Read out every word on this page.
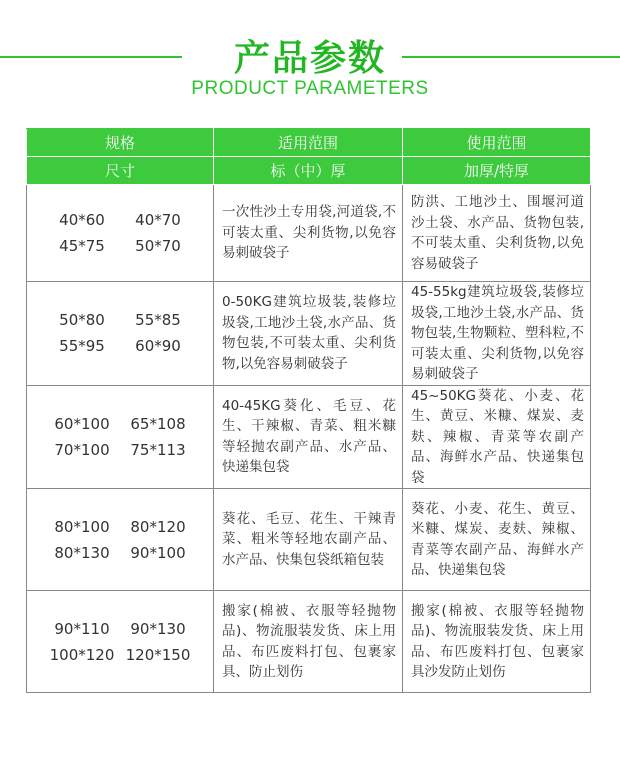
产品参数
PRODUCT PARAMETERS
规格	适用范围	使用范围
尺寸	标（中）厚	加厚/特厚

40*60 40*70
45*75 50*70	一次性沙土专用袋,河道袋,不可装太重、尖利货物,以免容易刺破袋子	防洪、工地沙土、围堰河道沙土袋、水产品、货物包装,不可装太重、尖利货物,以免容易破袋子

50*80 55*85
55*95 60*90	0-50KG建筑垃圾装,装修垃圾袋,工地沙土袋,水产品、货物包装,不可装太重、尖利货物,以免容易刺破袋子	45-55kg建筑垃圾袋,装修垃圾袋,工地沙土袋,水产品、货物包装,生物颗粒、塑科粒,不可装太重、尖利货物,以免容易刺破袋子

60*100 65*108
70*100 75*113	40-45KG葵化、毛豆、花生、干辣椒、青菜、粗米糠等轻抛农副产品、水产品、快递集包袋	45~50KG葵花、小麦、花生、黄豆、米糠、煤炭、麦麸、辣椒、青菜等农副产品、海鲜水产品、快递集包袋

80*100 80*120
80*130 90*100	葵花、毛豆、花生、干辣青菜、粗米等轻地农副产品、水产品、快集包袋纸箱包装	葵花、小麦、花生、黄豆、米糠、煤炭、麦麸、辣椒、青菜等农副产品、海鲜水产品、快递集包袋

90*110 90*130
100*120 120*150	搬家(棉被、衣服等轻抛物品)、物流服装发货、床上用品、布匹废料打包、包裹家具、防止划伤	搬家(棉被、衣服等轻抛物品)、物流服装发货、床上用品、布匹废料打包、包裹家具沙发防止划伤
